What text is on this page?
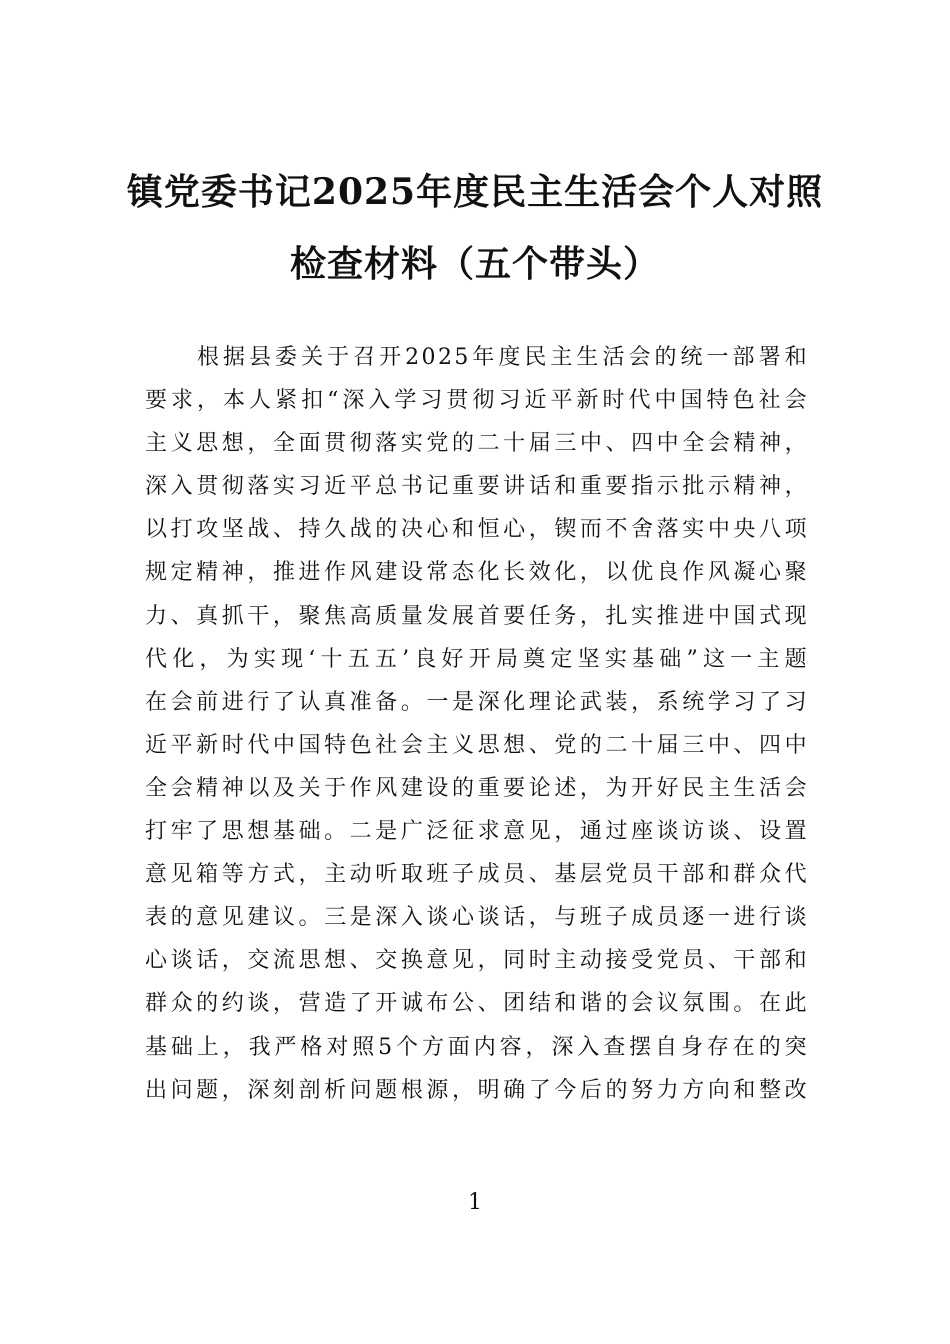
镇党委书记2025年度民主生活会个人对照
检查材料（五个带头）

根据县委关于召开2025年度民主生活会的统一部署和
要求，本人紧扣“深入学习贯彻习近平新时代中国特色社会
主义思想，全面贯彻落实党的二十届三中、四中全会精神，
深入贯彻落实习近平总书记重要讲话和重要指示批示精神，
以打攻坚战、持久战的决心和恒心，锲而不舍落实中央八项
规定精神，推进作风建设常态化长效化，以优良作风凝心聚
力、真抓干，聚焦高质量发展首要任务，扎实推进中国式现
代化，为实现‘十五五’良好开局奠定坚实基础”这一主题
在会前进行了认真准备。一是深化理论武装，系统学习了习
近平新时代中国特色社会主义思想、党的二十届三中、四中
全会精神以及关于作风建设的重要论述，为开好民主生活会
打牢了思想基础。二是广泛征求意见，通过座谈访谈、设置
意见箱等方式，主动听取班子成员、基层党员干部和群众代
表的意见建议。三是深入谈心谈话，与班子成员逐一进行谈
心谈话，交流思想、交换意见，同时主动接受党员、干部和
群众的约谈，营造了开诚布公、团结和谐的会议氛围。在此
基础上，我严格对照5个方面内容，深入查摆自身存在的突
出问题，深刻剖析问题根源，明确了今后的努力方向和整改

1
